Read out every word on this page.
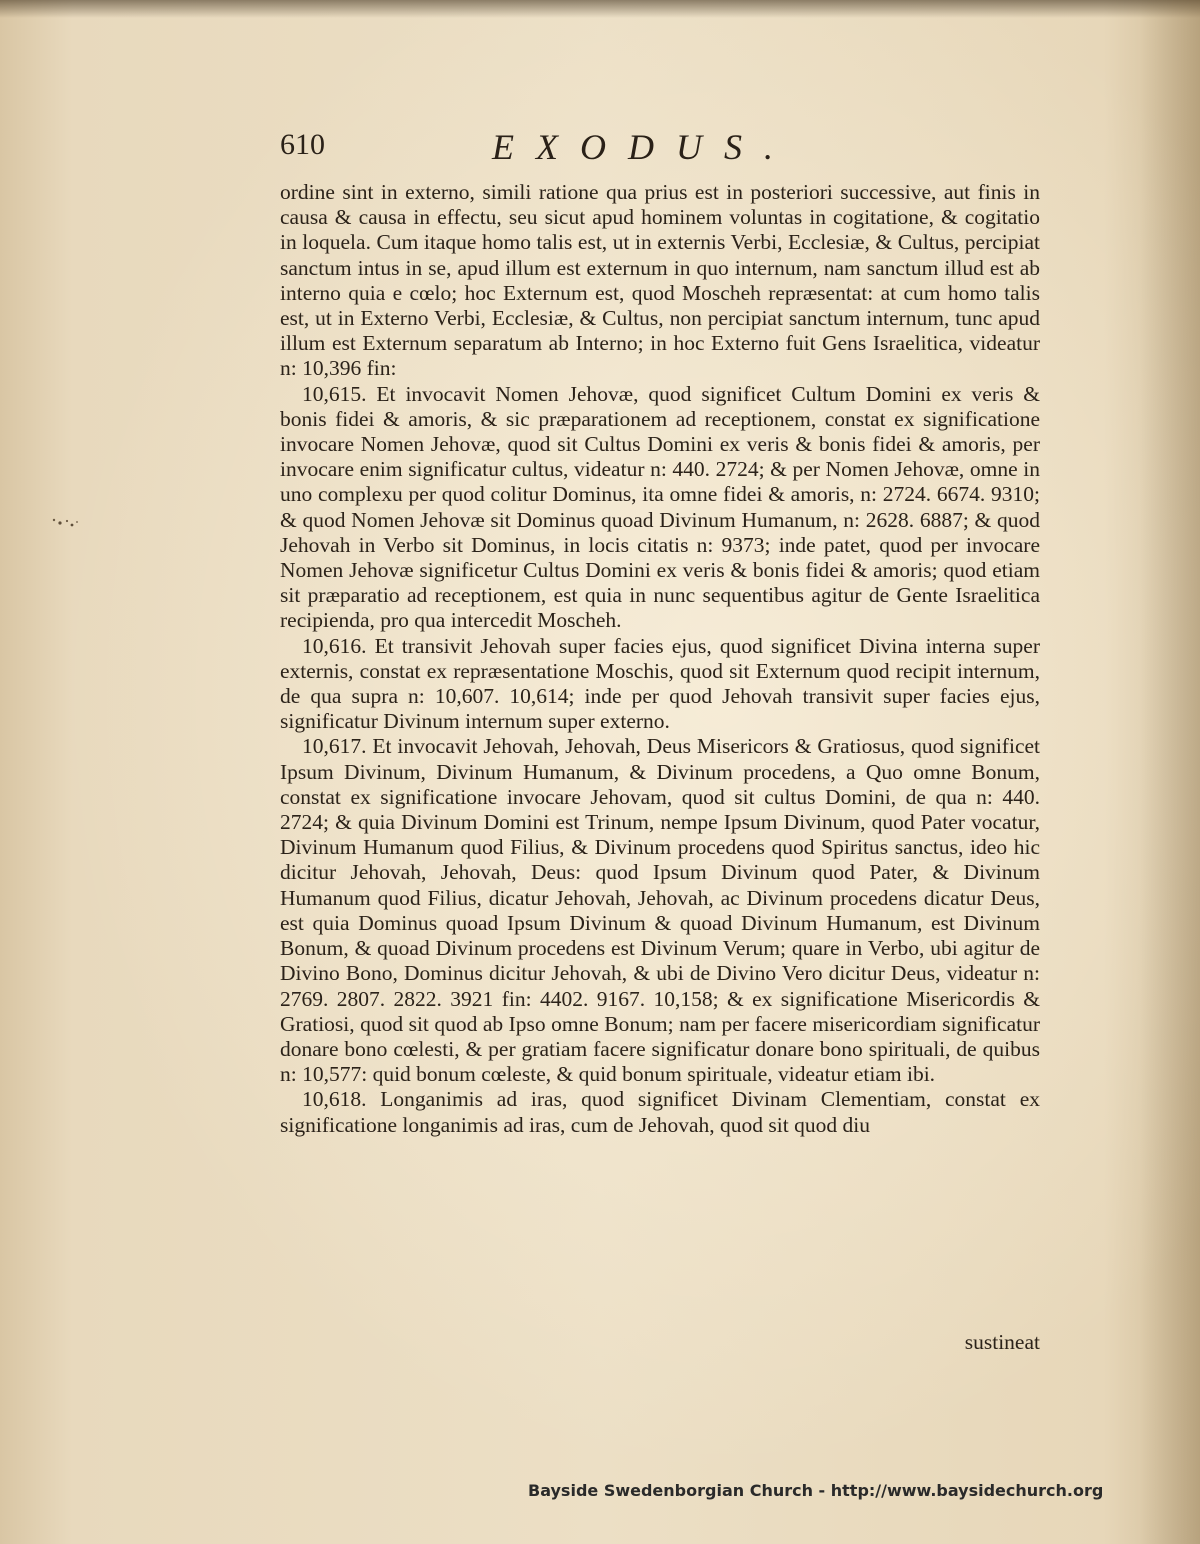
610	EXODUS.

ordine sint in externo, simili ratione qua prius est in posteriori successive, aut finis in causa & causa in effectu, seu sicut apud hominem voluntas in cogitatione, & cogitatio in loquela. Cum itaque homo talis est, ut in externis Verbi, Ecclesiæ, & Cultus, percipiat sanctum intus in se, apud illum est externum in quo internum, nam sanctum illud est ab interno quia e cœlo; hoc Externum est, quod Moscheh repræsentat: at cum homo talis est, ut in Externo Verbi, Ecclesiæ, & Cultus, non percipiat sanctum internum, tunc apud illum est Externum separatum ab Interno; in hoc Externo fuit Gens Israelitica, videatur n: 10,396 fin:

10,615. Et invocavit Nomen Jehovæ, quod significet Cultum Domini ex veris & bonis fidei & amoris, & sic præparationem ad receptionem, constat ex significatione invocare Nomen Jehovæ, quod sit Cultus Domini ex veris & bonis fidei & amoris, per invocare enim significatur cultus, videatur n: 440. 2724; & per Nomen Jehovæ, omne in uno complexu per quod colitur Dominus, ita omne fidei & amoris, n: 2724. 6674. 9310; & quod Nomen Jehovæ sit Dominus quoad Divinum Humanum, n: 2628. 6887; & quod Jehovah in Verbo sit Dominus, in locis citatis n: 9373; inde patet, quod per invocare Nomen Jehovæ significetur Cultus Domini ex veris & bonis fidei & amoris; quod etiam sit præparatio ad receptionem, est quia in nunc sequentibus agitur de Gente Israelitica recipienda, pro qua intercedit Moscheh.

10,616. Et transivit Jehovah super facies ejus, quod significet Divina interna super externis, constat ex repræsentatione Moschis, quod sit Externum quod recipit internum, de qua supra n: 10,607. 10,614; inde per quod Jehovah transivit super facies ejus, significatur Divinum internum super externo.

10,617. Et invocavit Jehovah, Jehovah, Deus Misericors & Gratiosus, quod significet Ipsum Divinum, Divinum Humanum, & Divinum procedens, a Quo omne Bonum, constat ex significatione invocare Jehovam, quod sit cultus Domini, de qua n: 440. 2724; & quia Divinum Domini est Trinum, nempe Ipsum Divinum, quod Pater vocatur, Divinum Humanum quod Filius, & Divinum procedens quod Spiritus sanctus, ideo hic dicitur Jehovah, Jehovah, Deus: quod Ipsum Divinum quod Pater, & Divinum Humanum quod Filius, dicatur Jehovah, Jehovah, ac Divinum procedens dicatur Deus, est quia Dominus quoad Ipsum Divinum & quoad Divinum Humanum, est Divinum Bonum, & quoad Divinum procedens est Divinum Verum; quare in Verbo, ubi agitur de Divino Bono, Dominus dicitur Jehovah, & ubi de Divino Vero dicitur Deus, videatur n: 2769. 2807. 2822. 3921 fin: 4402. 9167. 10,158; & ex significatione Misericordis & Gratiosi, quod sit quod ab Ipso omne Bonum; nam per facere misericordiam significatur donare bono cœlesti, & per gratiam facere significatur donare bono spirituali, de quibus n: 10,577: quid bonum cœleste, & quid bonum spirituale, videatur etiam ibi.

10,618. Longanimis ad iras, quod significet Divinam Clementiam, constat ex significatione longanimis ad iras, cum de Jehovah, quod sit quod diu

sustineat
Bayside Swedenborgian Church - http://www.baysidechurch.org
